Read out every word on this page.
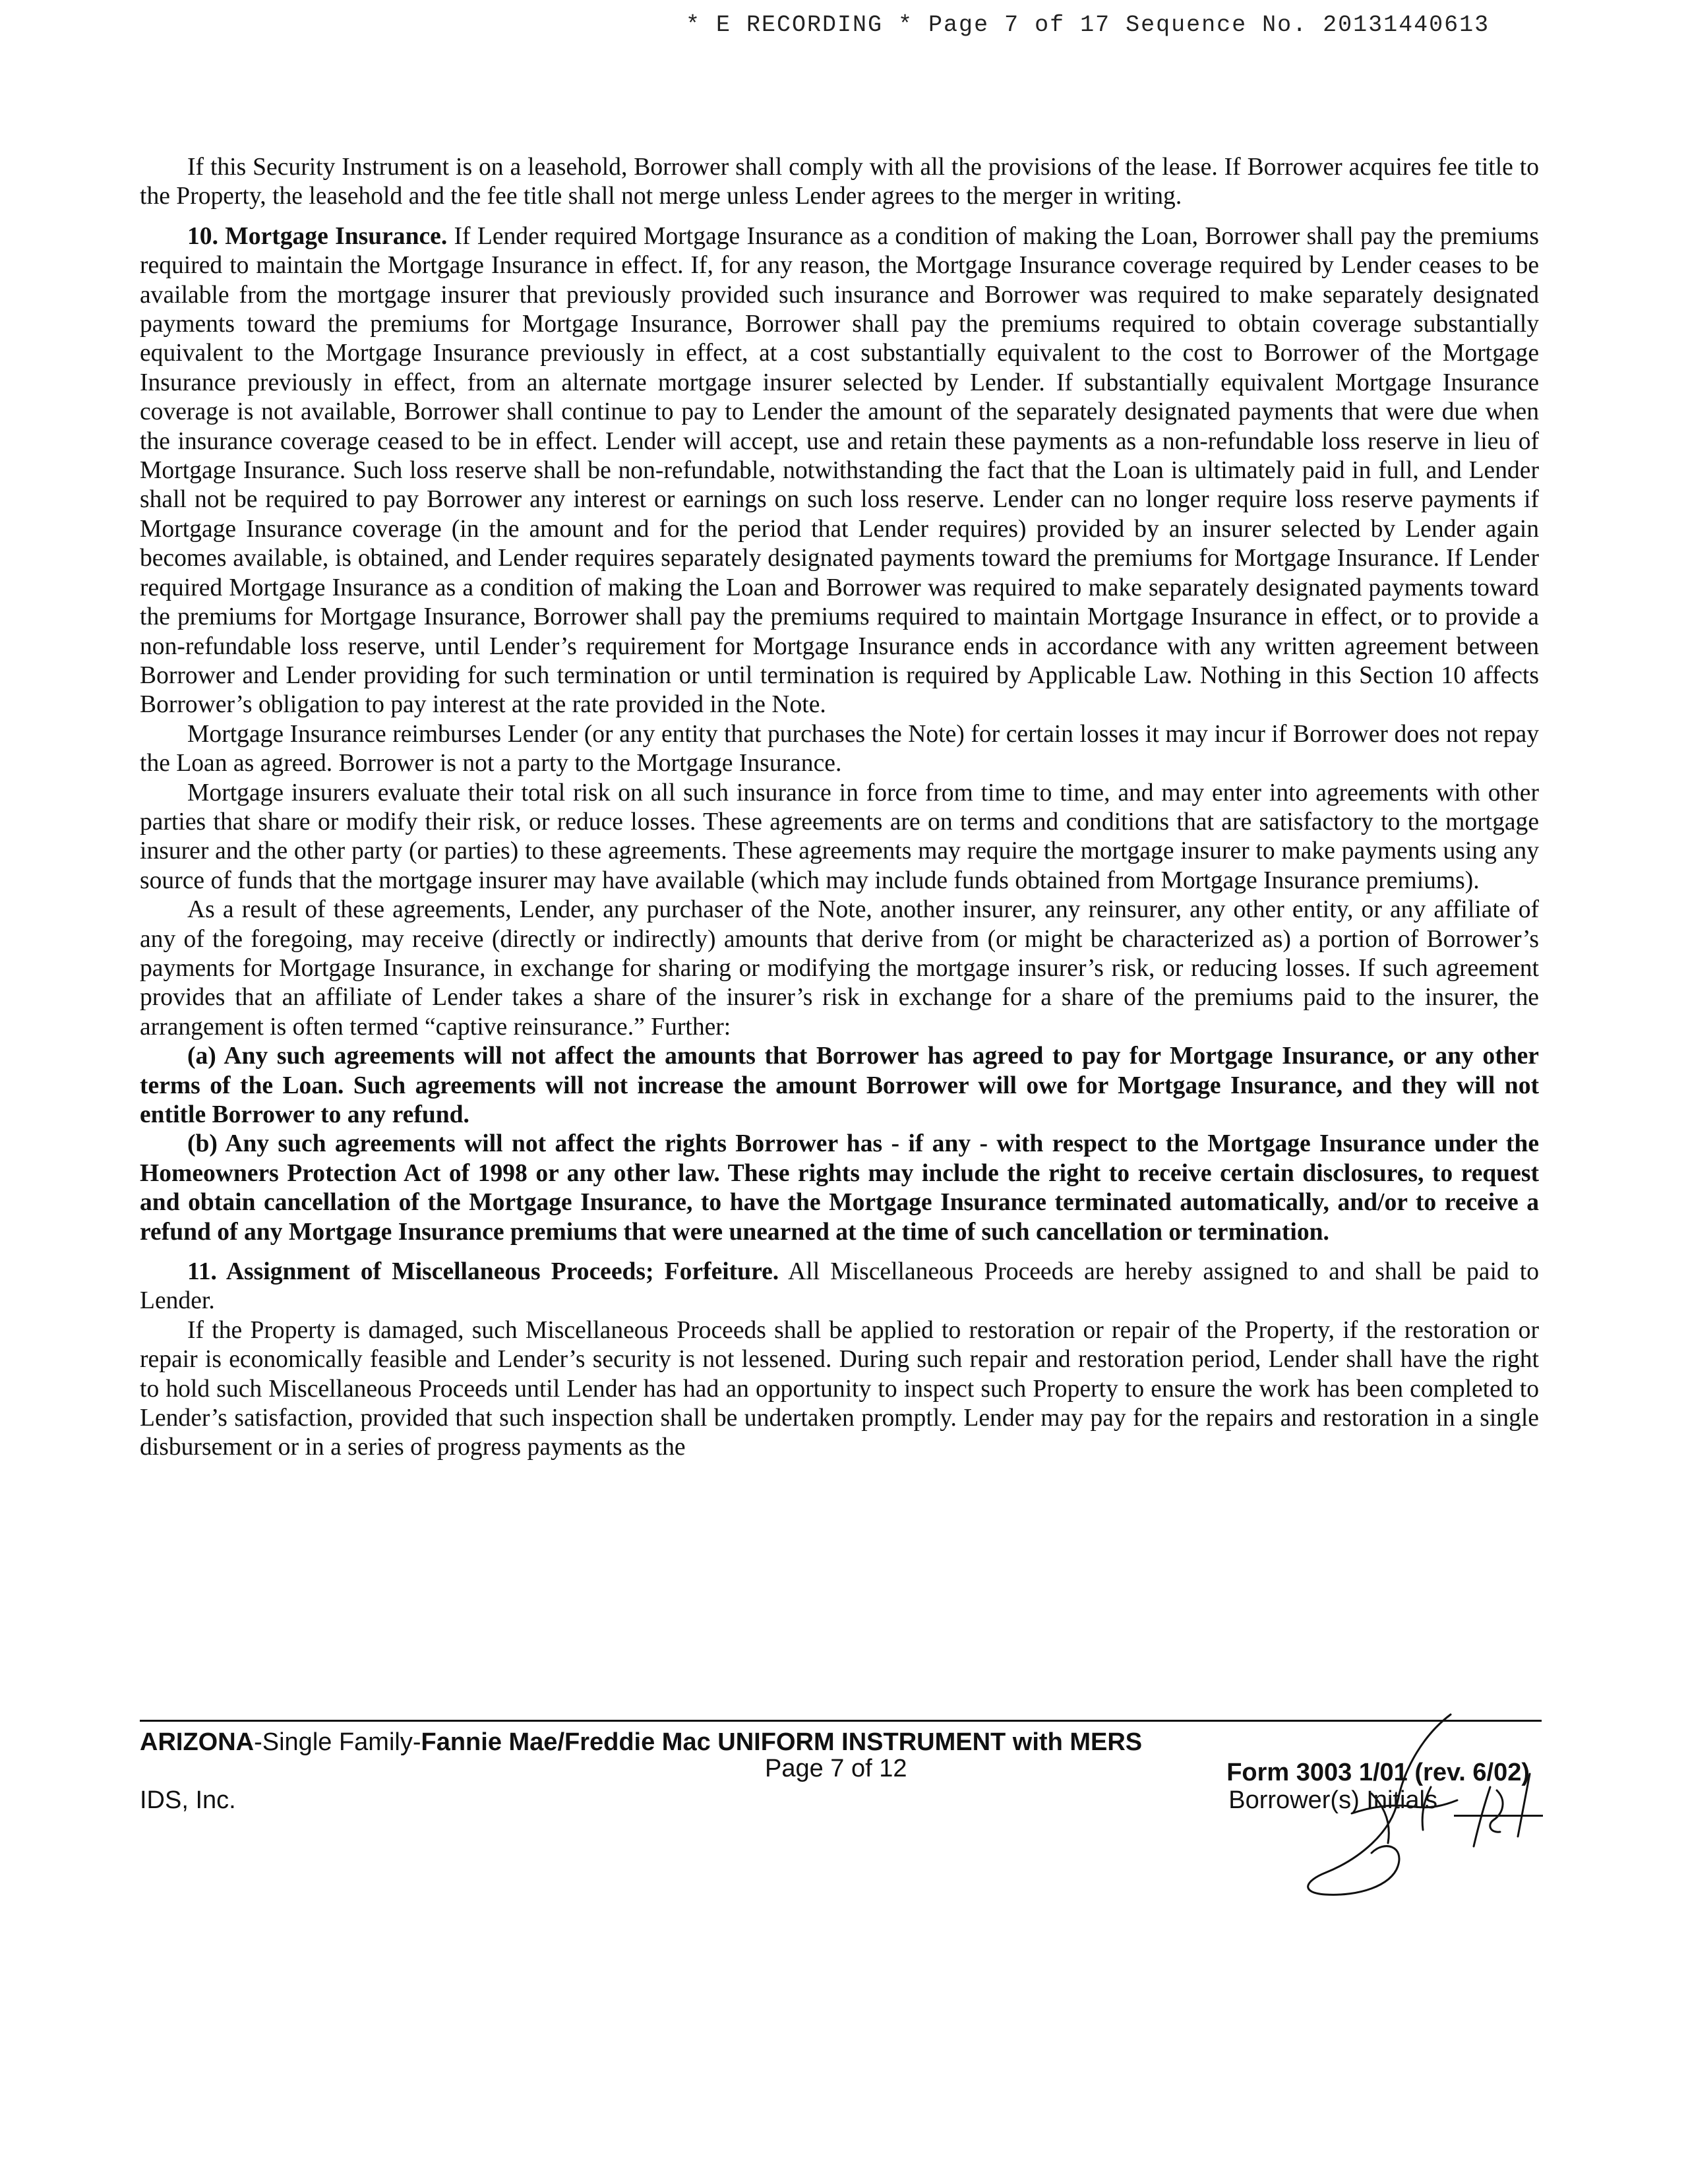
* E RECORDING * Page 7 of 17 Sequence No. 20131440613

If this Security Instrument is on a leasehold, Borrower shall comply with all the provisions of the lease. If Borrower acquires fee title to the Property, the leasehold and the fee title shall not merge unless Lender agrees to the merger in writing.

10. Mortgage Insurance. If Lender required Mortgage Insurance as a condition of making the Loan, Borrower shall pay the premiums required to maintain the Mortgage Insurance in effect. If, for any reason, the Mortgage Insurance coverage required by Lender ceases to be available from the mortgage insurer that previously provided such insurance and Borrower was required to make separately designated payments toward the premiums for Mortgage Insurance, Borrower shall pay the premiums required to obtain coverage substantially equivalent to the Mortgage Insurance previously in effect, at a cost substantially equivalent to the cost to Borrower of the Mortgage Insurance previously in effect, from an alternate mortgage insurer selected by Lender. If substantially equivalent Mortgage Insurance coverage is not available, Borrower shall continue to pay to Lender the amount of the separately designated payments that were due when the insurance coverage ceased to be in effect. Lender will accept, use and retain these payments as a non-refundable loss reserve in lieu of Mortgage Insurance. Such loss reserve shall be non-refundable, notwithstanding the fact that the Loan is ultimately paid in full, and Lender shall not be required to pay Borrower any interest or earnings on such loss reserve. Lender can no longer require loss reserve payments if Mortgage Insurance coverage (in the amount and for the period that Lender requires) provided by an insurer selected by Lender again becomes available, is obtained, and Lender requires separately designated payments toward the premiums for Mortgage Insurance. If Lender required Mortgage Insurance as a condition of making the Loan and Borrower was required to make separately designated payments toward the premiums for Mortgage Insurance, Borrower shall pay the premiums required to maintain Mortgage Insurance in effect, or to provide a non-refundable loss reserve, until Lender’s requirement for Mortgage Insurance ends in accordance with any written agreement between Borrower and Lender providing for such termination or until termination is required by Applicable Law. Nothing in this Section 10 affects Borrower’s obligation to pay interest at the rate provided in the Note.

Mortgage Insurance reimburses Lender (or any entity that purchases the Note) for certain losses it may incur if Borrower does not repay the Loan as agreed. Borrower is not a party to the Mortgage Insurance.

Mortgage insurers evaluate their total risk on all such insurance in force from time to time, and may enter into agreements with other parties that share or modify their risk, or reduce losses. These agreements are on terms and conditions that are satisfactory to the mortgage insurer and the other party (or parties) to these agreements. These agreements may require the mortgage insurer to make payments using any source of funds that the mortgage insurer may have available (which may include funds obtained from Mortgage Insurance premiums).

As a result of these agreements, Lender, any purchaser of the Note, another insurer, any reinsurer, any other entity, or any affiliate of any of the foregoing, may receive (directly or indirectly) amounts that derive from (or might be characterized as) a portion of Borrower’s payments for Mortgage Insurance, in exchange for sharing or modifying the mortgage insurer’s risk, or reducing losses. If such agreement provides that an affiliate of Lender takes a share of the insurer’s risk in exchange for a share of the premiums paid to the insurer, the arrangement is often termed “captive reinsurance.” Further:

(a) Any such agreements will not affect the amounts that Borrower has agreed to pay for Mortgage Insurance, or any other terms of the Loan. Such agreements will not increase the amount Borrower will owe for Mortgage Insurance, and they will not entitle Borrower to any refund.

(b) Any such agreements will not affect the rights Borrower has - if any - with respect to the Mortgage Insurance under the Homeowners Protection Act of 1998 or any other law. These rights may include the right to receive certain disclosures, to request and obtain cancellation of the Mortgage Insurance, to have the Mortgage Insurance terminated automatically, and/or to receive a refund of any Mortgage Insurance premiums that were unearned at the time of such cancellation or termination.

11. Assignment of Miscellaneous Proceeds; Forfeiture. All Miscellaneous Proceeds are hereby assigned to and shall be paid to Lender.

If the Property is damaged, such Miscellaneous Proceeds shall be applied to restoration or repair of the Property, if the restoration or repair is economically feasible and Lender’s security is not lessened. During such repair and restoration period, Lender shall have the right to hold such Miscellaneous Proceeds until Lender has had an opportunity to inspect such Property to ensure the work has been completed to Lender’s satisfaction, provided that such inspection shall be undertaken promptly. Lender may pay for the repairs and restoration in a single disbursement or in a series of progress payments as the

ARIZONA-Single Family-Fannie Mae/Freddie Mac UNIFORM INSTRUMENT with MERS
Page 7 of 12	Form 3003 1/01 (rev. 6/02)
IDS, Inc.	Borrower(s) Initials
